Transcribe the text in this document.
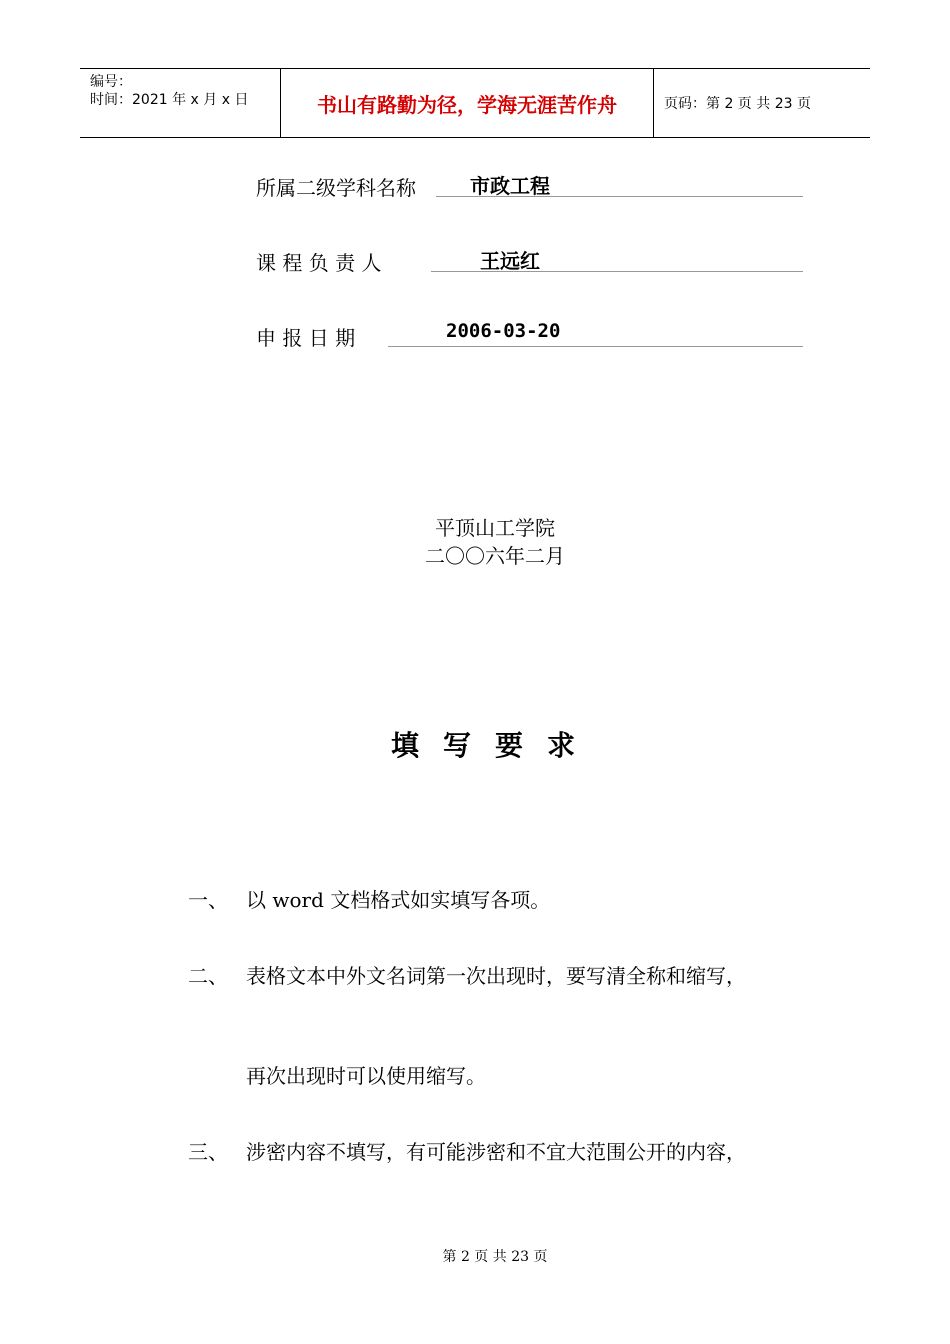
编号：
时间：2021 年 x 月 x 日	书山有路勤为径，学海无涯苦作舟	页码：第 2 页 共 23 页
所属二级学科名称	市政工程
课 程 负 责 人	王远红
申 报 日 期	2006-03-20
平顶山工学院
二〇〇六年二月
填写要求
一、 以 word 文档格式如实填写各项。
二、 表格文本中外文名词第一次出现时，要写清全称和缩写，
再次出现时可以使用缩写。
三、 涉密内容不填写，有可能涉密和不宜大范围公开的内容，
第 2 页 共 23 页
